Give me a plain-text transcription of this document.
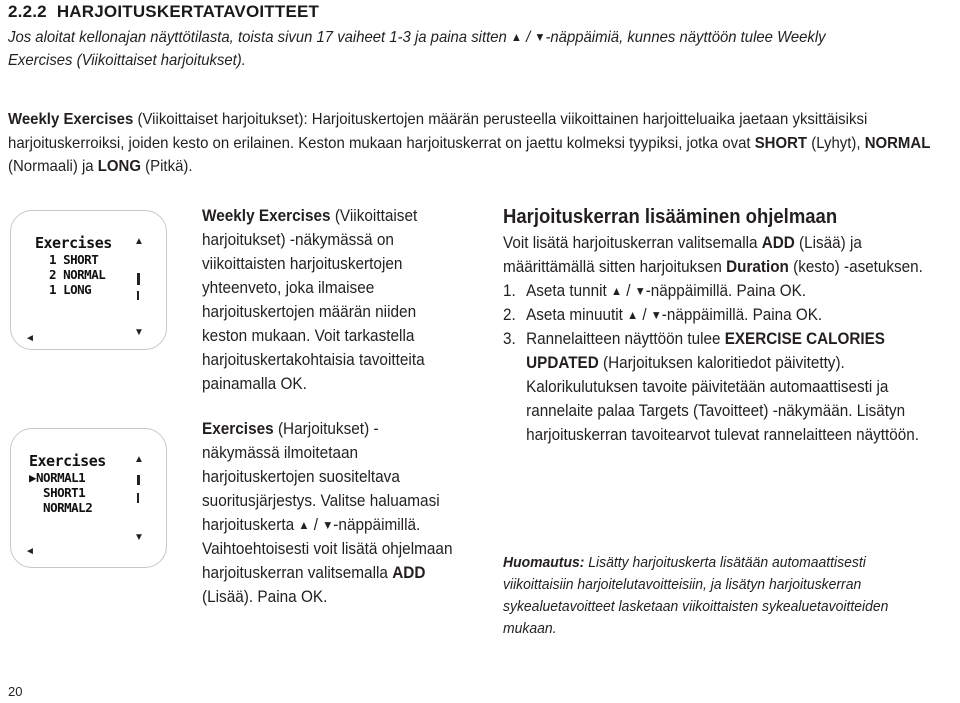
2.2.2 HARJOITUSKERTATAVOITTEET
Jos aloitat kellonajan näyttötilasta, toista sivun 17 vaiheet 1-3 ja paina sitten ▲ / ▼-näppäimiä, kunnes näyttöön tulee Weekly Exercises (Viikoittaiset harjoitukset).
Weekly Exercises (Viikoittaiset harjoitukset): Harjoituskertojen määrän perusteella viikoittainen harjoitteluaika jaetaan yksittäisiksi harjoituskerroiksi, joiden kesto on erilainen. Keston mukaan harjoituskerrat on jaettu kolmeksi tyypiksi, jotka ovat SHORT (Lyhyt), NORMAL (Normaali) ja LONG (Pitkä).
Exercises
1 SHORT
2 NORMAL
1 LONG
▲
▼
◄
Exercises
▶NORMAL1
SHORT1
NORMAL2
▲
▼
◄

Weekly Exercises (Viikoittaiset harjoitukset) -näkymässä on viikoittaisten harjoituskertojen yhteenveto, joka ilmaisee harjoituskertojen määrän niiden keston mukaan. Voit tarkastella harjoituskertakohtaisia tavoitteita painamalla OK.

Exercises (Harjoitukset) -näkymässä ilmoitetaan harjoituskertojen suositeltava suoritusjärjestys. Valitse haluamasi harjoituskerta ▲ / ▼-näppäimillä. Vaihtoehtoisesti voit lisätä ohjelmaan harjoituskerran valitsemalla ADD (Lisää). Paina OK.

Harjoituskerran lisääminen ohjelmaan

Voit lisätä harjoituskerran valitsemalla ADD (Lisää) ja määrittämällä sitten harjoituksen Duration (kesto) -asetuksen.

1. Aseta tunnit ▲ / ▼-näppäimillä. Paina OK.
2. Aseta minuutit ▲ / ▼-näppäimillä. Paina OK.
3. Rannelaitteen näyttöön tulee EXERCISE CALORIES UPDATED (Harjoituksen kaloritiedot päivitetty). Kalorikulutuksen tavoite päivitetään automaattisesti ja rannelaite palaa Targets (Tavoitteet) -näkymään. Lisätyn harjoituskerran tavoitearvot tulevat rannelaitteen näyttöön.
Huomautus: Lisätty harjoituskerta lisätään automaattisesti viikoittaisiin harjoitelutavoitteisiin, ja lisätyn harjoituskerran sykealuetavoitteet lasketaan viikoittaisten sykealuetavoitteiden mukaan.
20
